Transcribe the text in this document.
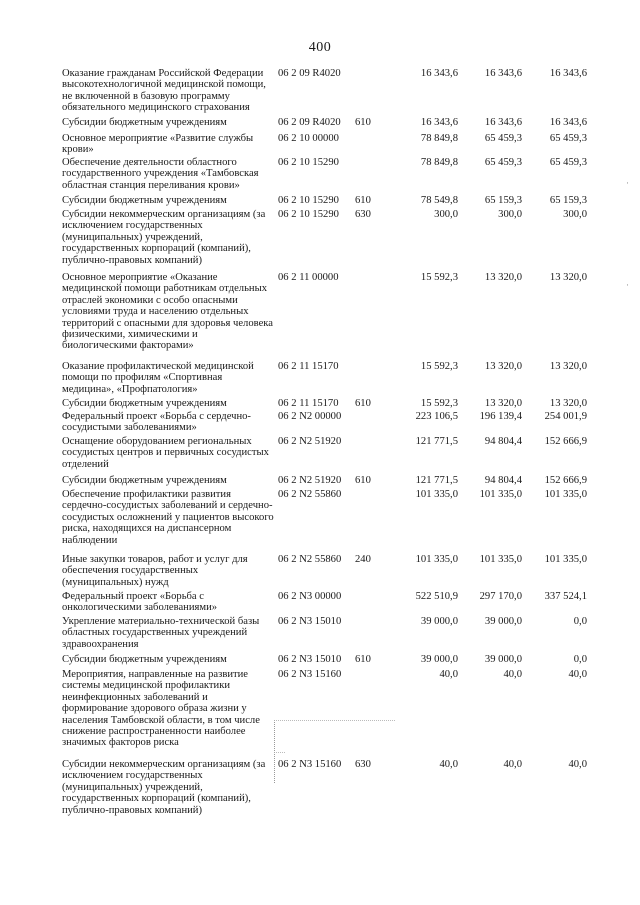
400
·
·
Оказание гражданам Российской Федерации высокотехнологичной медицинской помощи, не включенной в базовую программу обязательного медицинского страхования
06 2 09 R4020	16 343,6	16 343,6	16 343,6
Субсидии бюджетным учреждениям	06 2 09 R4020	610	16 343,6	16 343,6	16 343,6
Основное мероприятие «Развитие службы крови»
06 2 10 00000	78 849,8	65 459,3	65 459,3
Обеспечение деятельности областного государственного учреждения «Тамбовская областная станция переливания крови»
06 2 10 15290	78 849,8	65 459,3	65 459,3
Субсидии бюджетным учреждениям	06 2 10 15290	610	78 549,8	65 159,3	65 159,3
Субсидии некоммерческим организациям (за исключением государственных (муниципальных) учреждений, государственных корпораций (компаний), публично-правовых компаний)
06 2 10 15290	630	300,0	300,0	300,0
Основное мероприятие «Оказание медицинской помощи работникам отдельных отраслей экономики с особо опасными условиями труда и населению отдельных территорий с опасными для здоровья человека физическими, химическими и биологическими факторами»
06 2 11 00000	15 592,3	13 320,0	13 320,0
Оказание профилактической медицинской помощи по профилям «Спортивная медицина», «Профпатология»
06 2 11 15170	15 592,3	13 320,0	13 320,0
Субсидии бюджетным учреждениям	06 2 11 15170	610	15 592,3	13 320,0	13 320,0
Федеральный проект «Борьба с сердечно-сосудистыми заболеваниями»
06 2 N2 00000	223 106,5	196 139,4	254 001,9
Оснащение оборудованием региональных сосудистых центров и первичных сосудистых отделений
06 2 N2 51920	121 771,5	94 804,4	152 666,9
Субсидии бюджетным учреждениям	06 2 N2 51920	610	121 771,5	94 804,4	152 666,9
Обеспечение профилактики развития сердечно-сосудистых заболеваний и сердечно-сосудистых осложнений у пациентов высокого риска, находящихся на диспансерном наблюдении
06 2 N2 55860	101 335,0	101 335,0	101 335,0
Иные закупки товаров, работ и услуг для обеспечения государственных (муниципальных) нужд
06 2 N2 55860	240	101 335,0	101 335,0	101 335,0
Федеральный проект «Борьба с онкологическими заболеваниями»
06 2 N3 00000	522 510,9	297 170,0	337 524,1
Укрепление материально-технической базы областных государственных учреждений здравоохранения
06 2 N3 15010	39 000,0	39 000,0	0,0
Субсидии бюджетным учреждениям	06 2 N3 15010	610	39 000,0	39 000,0	0,0
Мероприятия, направленные на развитие системы медицинской профилактики неинфекционных заболеваний и формирование здорового образа жизни у населения Тамбовской области, в том числе снижение распространенности наиболее значимых факторов риска
06 2 N3 15160	40,0	40,0	40,0
Субсидии некоммерческим организациям (за исключением государственных (муниципальных) учреждений, государственных корпораций (компаний), публично-правовых компаний)
06 2 N3 15160	630	40,0	40,0	40,0
